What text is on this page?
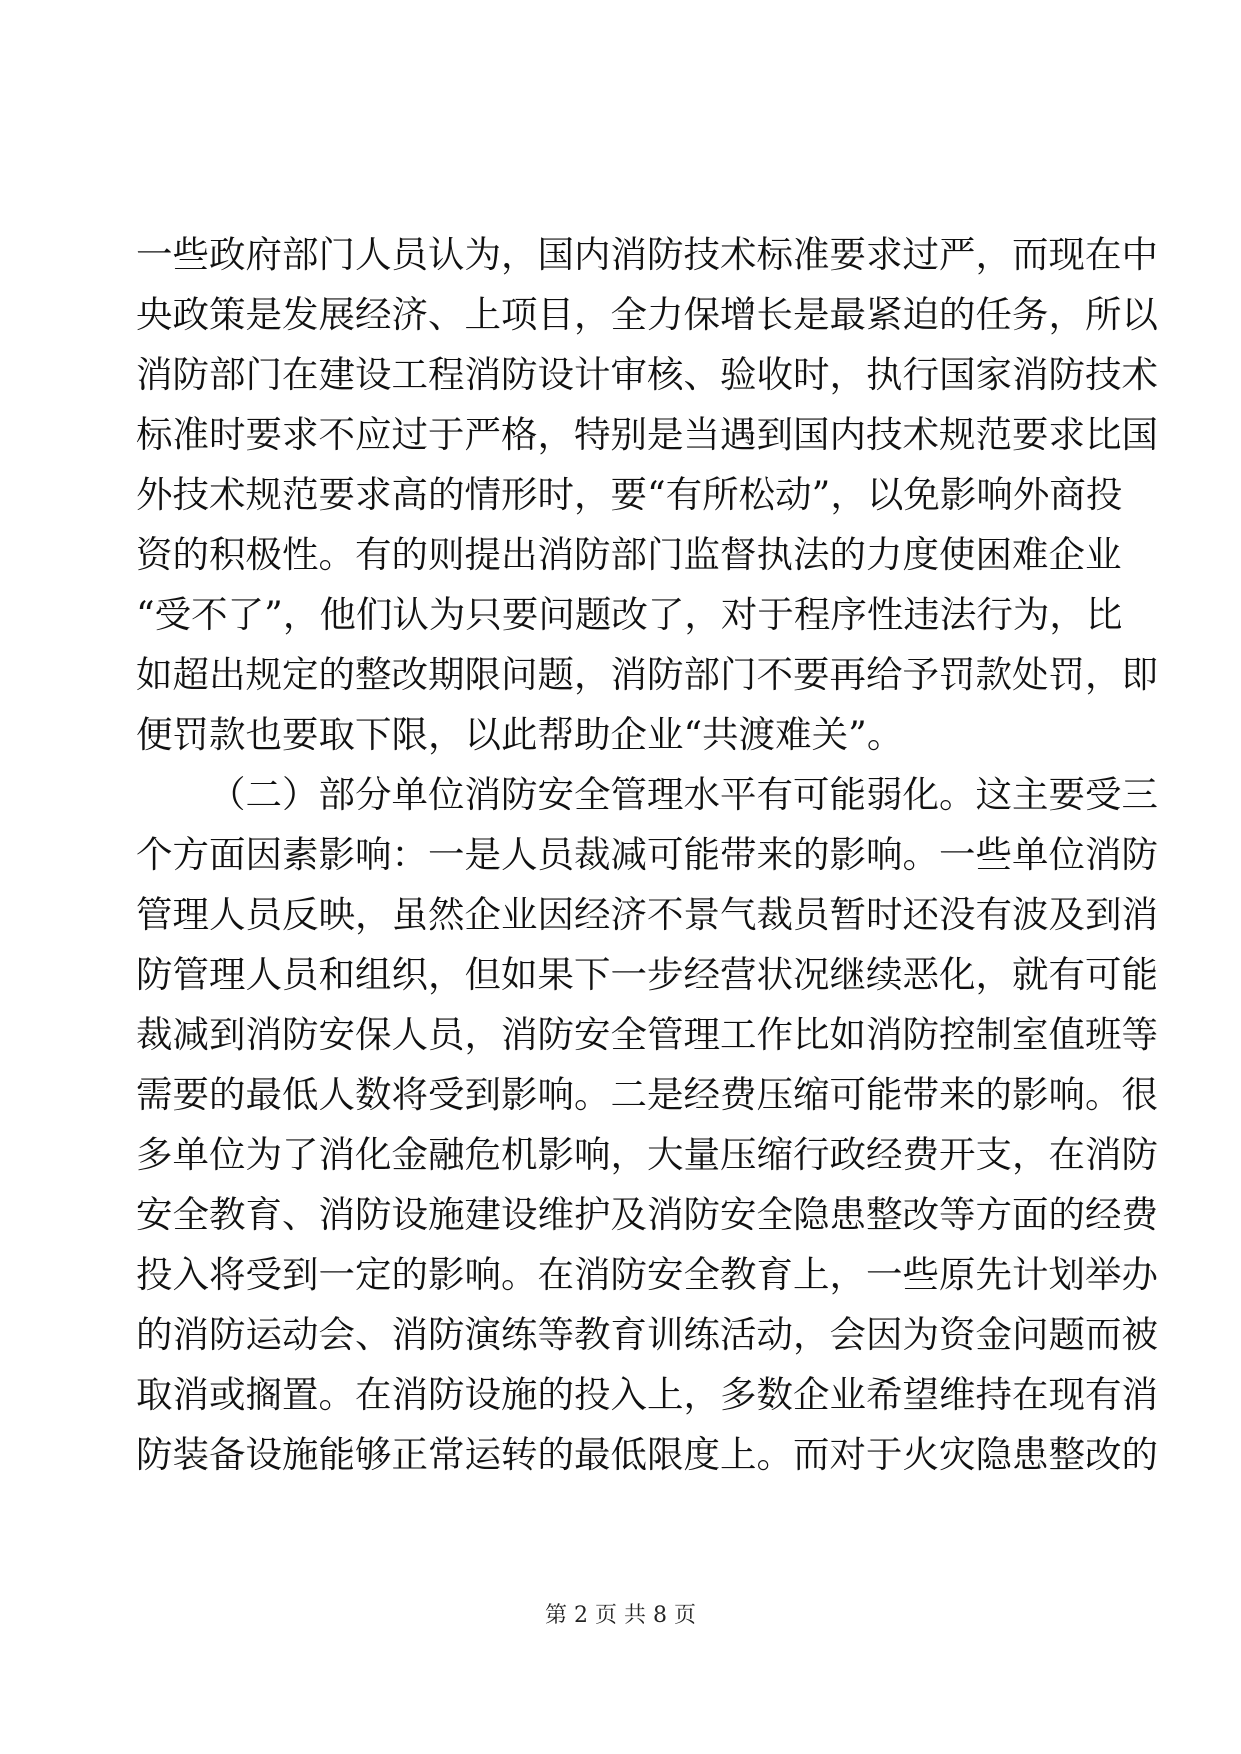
一些政府部门人员认为，国内消防技术标准要求过严，而现在中
央政策是发展经济、上项目，全力保增长是最紧迫的任务，所以
消防部门在建设工程消防设计审核、验收时，执行国家消防技术
标准时要求不应过于严格，特别是当遇到国内技术规范要求比国
外技术规范要求高的情形时，要“有所松动”，以免影响外商投
资的积极性。有的则提出消防部门监督执法的力度使困难企业
“受不了”，他们认为只要问题改了，对于程序性违法行为，比
如超出规定的整改期限问题，消防部门不要再给予罚款处罚，即
便罚款也要取下限，以此帮助企业“共渡难关”。
（二）部分单位消防安全管理水平有可能弱化。这主要受三
个方面因素影响：一是人员裁减可能带来的影响。一些单位消防
管理人员反映，虽然企业因经济不景气裁员暂时还没有波及到消
防管理人员和组织，但如果下一步经营状况继续恶化，就有可能
裁减到消防安保人员，消防安全管理工作比如消防控制室值班等
需要的最低人数将受到影响。二是经费压缩可能带来的影响。很
多单位为了消化金融危机影响，大量压缩行政经费开支，在消防
安全教育、消防设施建设维护及消防安全隐患整改等方面的经费
投入将受到一定的影响。在消防安全教育上，一些原先计划举办
的消防运动会、消防演练等教育训练活动，会因为资金问题而被
取消或搁置。在消防设施的投入上，多数企业希望维持在现有消
防装备设施能够正常运转的最低限度上。而对于火灾隐患整改的
第 2 页 共 8 页
